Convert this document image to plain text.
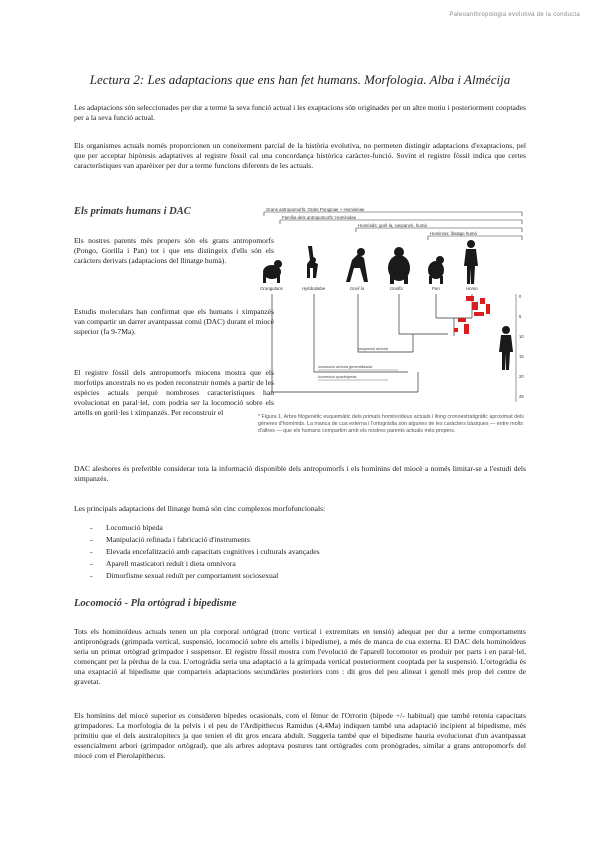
Paleoanthropologia evolutiva de la conducta
Lectura 2: Les adaptacions que ens han fet humans. Morfologia. Alba i Almécija

Les adaptacions són seleccionades per dur a terme la seva funció actual i les exaptacions són originades per un altre motiu i posteriorment cooptades per a la seva funció actual.

Els organismes actuals només proporcionen un coneixement parcial de la història evolutiva, no permeten distingir adaptacions d'exaptacions, pel que per acceptar hipòtesis adaptatives al registre fòssil cal una concordança històrica caràcter-funció. Sovint el registre fòssil indica que certes característiques van aparèixer per dur a terme funcions diferents de les actuals.

Els primats humans i DAC

Els nostres parents més propers són els grans antropomorfs (Pongo, Gorilla i Pan) tot i que ens distingeix d'ells són els caràcters derivats (adaptacions del llinatge humà).

Estudis moleculars han confirmat que els humans i ximpanzés van compartir un darrer avantpassat comú (DAC) durant el miocè superior (fa 9-7Ma).

El registre fòssil dels antropomorfs miocens mostra que els morfotips ancestrals no es poden reconstruir només a partir de les espècies actuals perquè nombroses característiques han evolucionat en paral·lel, com podria ser la locomoció sobre els artells en goril·les i ximpanzés. Per reconstruir el

DAC aleshores és preferible considerar tota la informació disponible dels antropomorfs i els homínins del miocè a només limitar-se a l'estudi dels ximpanzés.

Grans antropomorfs: Ordre Ponginae + Homininae
Família dels antropomorfs: Hominidae
Homínids: goril·la, ximpanzé, humà
Hominins: llinatge humà
Orangutans	Hylobatidae	Goril·la	Gorilla	Pan	Homo
suspensió arbòria
locomoció arbòria generalitzada
locomoció quadrúpeda
0
5
10
15
20
25

* Figura 1. Arbre filogenètic esquemàtic dels primats hominoïdeus actuals i llong cronoestratigràfic aproximat dels gèneres d'homínids. La manca de cua externa i l'ortogràdia són algunes de les caràcters bàsiques — entre molts d'altres — que els humans compartim amb els nostres parents actuals més propers.

Les principals adaptacions del llinatge humà són cinc complexos morfofuncionals:

- Locomoció bípeda
- Manipulació refinada i fabricació d'instruments
- Elevada encefalització amb capacitats cognitives i culturals avançades
- Aparell masticatori reduït i dieta omnívora
- Dimorfisme sexual reduït per comportament sociosexual
Locomoció - Pla ortògrad i bipedisme

Tots els hominoïdeus actuals tenen un pla corporal ortògrad (tronc vertical i extremitats en tensió) adequat per dur a terme comportaments antipronògrads (grimpada vertical, suspensió, locomoció sobre els artells i bipedisme), a més de manca de cua externa. El DAC dels hominoïdeus seria un primat ortògrad grimpador i suspensor. El registre fòssil mostra com l'evolució de l'aparell locomotor es produir per parts i en paral·lel, començant per la pèrdua de la cua. L'ortogràdia seria una adaptació a la grimpada vertical posteriorment cooptada per la suspensió. L'ortogràdia és una exaptació al bipedisme que comparteix adaptacions secundàries posteriors com : dit gros del peu alineat i genoll més prop del centre de gravetat.

Els homínins del miocè superior es consideren bípedes ocasionals, com el fèmur de l'Orrorin (bípede +/- habitual) que també retenia capacitats grimpadores. La morfologia de la pelvis i el peu de l'Ardipithecus Ramidus (4,4Ma) indiquen també una adaptació incipient al bipedisme, més primitiu que el dels australopitecs ja que tenien el dit gros encara abduït. Suggeria també que el bipedisme hauria evolucionat d'un avantpassat essencialment arbori (grimpador ortògrad), que als arbres adoptava postures tant ortògrades com pronògrades, similar a grans antropomorfs del miocè com el Pierolapithecus.
